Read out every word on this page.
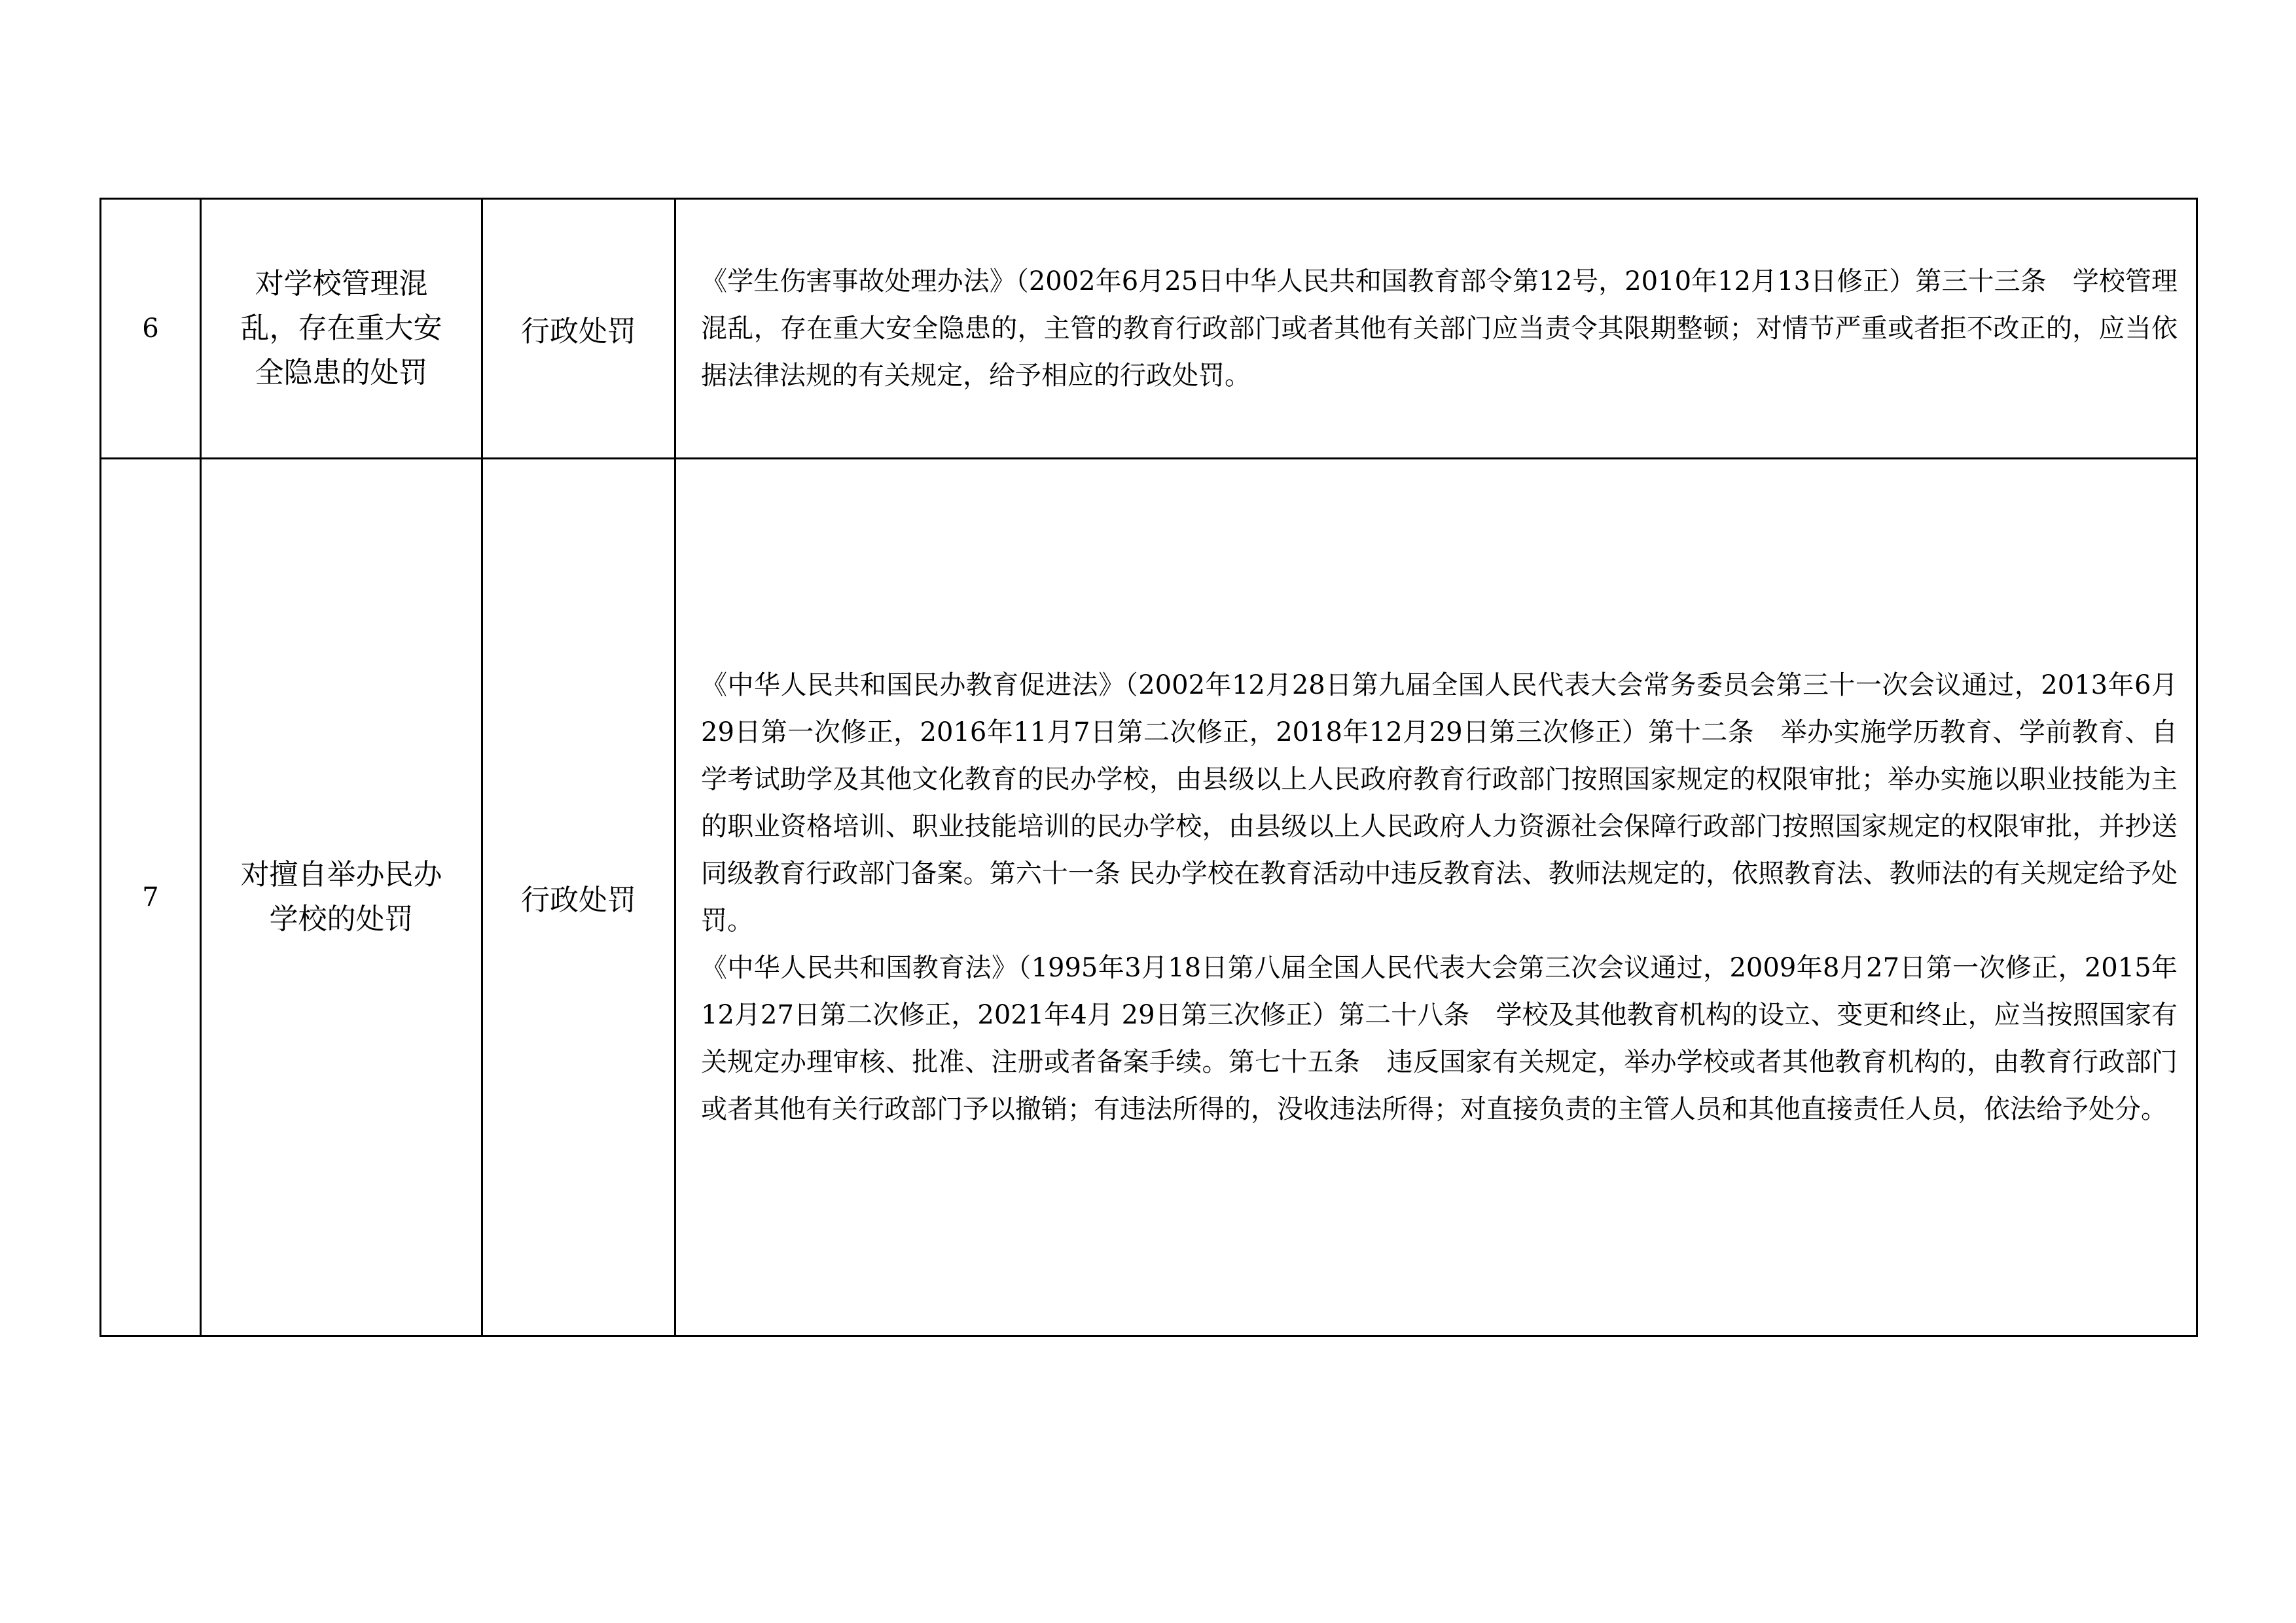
6	对学校管理混乱，存在重大安全隐患的处罚	行政处罚	《学生伤害事故处理办法》（2002年6月25日中华人民共和国教育部令第12号，2010年12月13日修正）第三十三条　学校管理混乱，存在重大安全隐患的，主管的教育行政部门或者其他有关部门应当责令其限期整顿；对情节严重或者拒不改正的，应当依据法律法规的有关规定，给予相应的行政处罚。

7	对擅自举办民办学校的处罚	行政处罚	《中华人民共和国民办教育促进法》（2002年12月28日第九届全国人民代表大会常务委员会第三十一次会议通过，2013年6月29日第一次修正，2016年11月7日第二次修正，2018年12月29日第三次修正）第十二条　举办实施学历教育、学前教育、自学考试助学及其他文化教育的民办学校，由县级以上人民政府教育行政部门按照国家规定的权限审批；举办实施以职业技能为主的职业资格培训、职业技能培训的民办学校，由县级以上人民政府人力资源社会保障行政部门按照国家规定的权限审批，并抄送同级教育行政部门备案。第六十一条 民办学校在教育活动中违反教育法、教师法规定的，依照教育法、教师法的有关规定给予处罚。
《中华人民共和国教育法》（1995年3月18日第八届全国人民代表大会第三次会议通过，2009年8月27日第一次修正，2015年12月27日第二次修正，2021年4月 29日第三次修正）第二十八条　学校及其他教育机构的设立、变更和终止，应当按照国家有关规定办理审核、批准、注册或者备案手续。第七十五条　违反国家有关规定，举办学校或者其他教育机构的，由教育行政部门或者其他有关行政部门予以撤销；有违法所得的，没收违法所得；对直接负责的主管人员和其他直接责任人员，依法给予处分。
